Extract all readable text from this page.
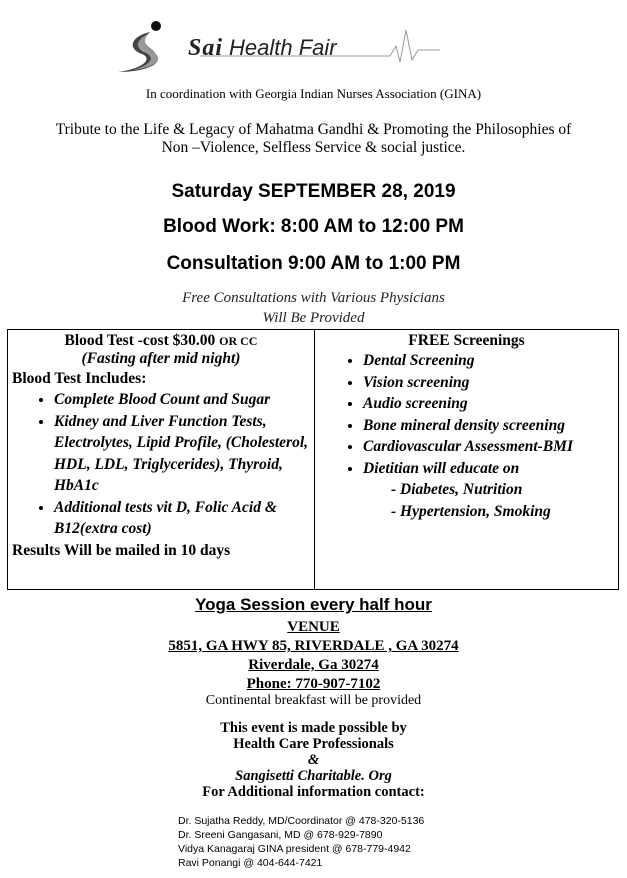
Sai Health Fair
In coordination with Georgia Indian Nurses Association (GINA)
Tribute to the Life & Legacy of Mahatma Gandhi & Promoting the Philosophies of
Non –Violence, Selfless Service & social justice.
Saturday SEPTEMBER 28, 2019
Blood Work: 8:00 AM to 12:00 PM
Consultation 9:00 AM to 1:00 PM
Free Consultations with Various Physicians
Will Be Provided
Blood Test -cost $30.00 OR CC
(Fasting after mid night)
Blood Test Includes:
• Complete Blood Count and Sugar
• Kidney and Liver Function Tests, Electrolytes, Lipid Profile, (Cholesterol, HDL, LDL, Triglycerides), Thyroid, HbA1c
• Additional tests vit D, Folic Acid & B12(extra cost)
Results Will be mailed in 10 days
FREE Screenings
• Dental Screening
• Vision screening
• Audio screening
• Bone mineral density screening
• Cardiovascular Assessment-BMI
• Dietitian will educate on
- Diabetes, Nutrition
- Hypertension, Smoking
Yoga Session every half hour
VENUE
5851, GA HWY 85, RIVERDALE , GA 30274
Riverdale, Ga 30274
Phone: 770-907-7102
Continental breakfast will be provided
This event is made possible by
Health Care Professionals
&
Sangisetti Charitable. Org
For Additional information contact:
Dr. Sujatha Reddy, MD/Coordinator @ 478-320-5136
Dr. Sreeni Gangasani, MD @ 678-929-7890
Vidya Kanagaraj GINA president @ 678-779-4942
Ravi Ponangi @ 404-644-7421
